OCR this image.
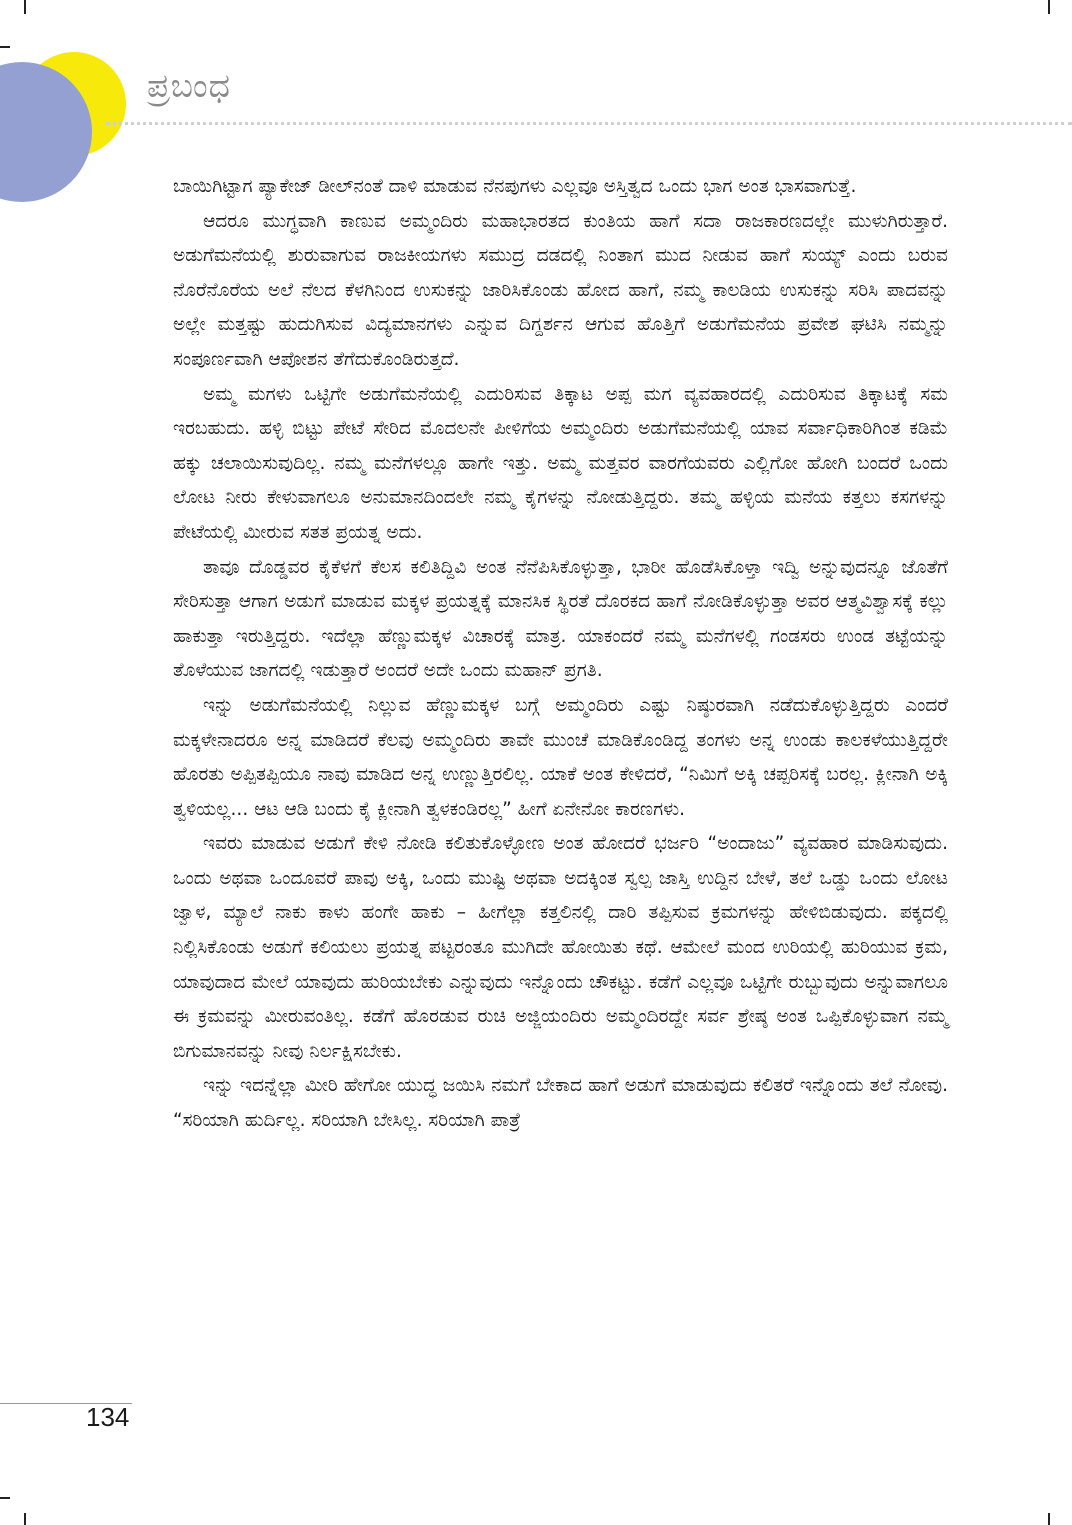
ಪ್ರಬಂಧ

ಬಾಯಿಗಿಟ್ಟಾಗ ಪ್ಯಾಕೇಜ್ ಡೀಲ್‌ನಂತೆ ದಾಳಿ ಮಾಡುವ ನೆನಪುಗಳು ಎಲ್ಲವೂ ಅಸ್ತಿತ್ವದ ಒಂದು ಭಾಗ ಅಂತ ಭಾಸವಾಗುತ್ತೆ.

ಆದರೂ ಮುಗ್ಧವಾಗಿ ಕಾಣುವ ಅಮ್ಮಂದಿರು ಮಹಾಭಾರತದ ಕುಂತಿಯ ಹಾಗೆ ಸದಾ ರಾಜಕಾರಣದಲ್ಲೇ ಮುಳುಗಿರುತ್ತಾರೆ. ಅಡುಗೆಮನೆಯಲ್ಲಿ ಶುರುವಾಗುವ ರಾಜಕೀಯಗಳು ಸಮುದ್ರ ದಡದಲ್ಲಿ ನಿಂತಾಗ ಮುದ ನೀಡುವ ಹಾಗೆ ಸುಯ್ಯ್ ಎಂದು ಬರುವ ನೊರೆನೊರೆಯ ಅಲೆ ನೆಲದ ಕೆಳಗಿನಿಂದ ಉಸುಕನ್ನು ಜಾರಿಸಿಕೊಂಡು ಹೋದ ಹಾಗೆ, ನಮ್ಮ ಕಾಲಡಿಯ ಉಸುಕನ್ನು ಸರಿಸಿ ಪಾದವನ್ನು ಅಲ್ಲೇ ಮತ್ತಷ್ಟು ಹುದುಗಿಸುವ ವಿದ್ಯಮಾನಗಳು ಎನ್ನುವ ದಿಗ್ದರ್ಶನ ಆಗುವ ಹೊತ್ತಿಗೆ ಅಡುಗೆಮನೆಯ ಪ್ರವೇಶ ಘಟಿಸಿ ನಮ್ಮನ್ನು ಸಂಪೂರ್ಣವಾಗಿ ಆಪೋಶನ ತೆಗೆದುಕೊಂಡಿರುತ್ತದೆ.

ಅಮ್ಮ ಮಗಳು ಒಟ್ಟಿಗೇ ಅಡುಗೆಮನೆಯಲ್ಲಿ ಎದುರಿಸುವ ತಿಕ್ಕಾಟ ಅಪ್ಪ ಮಗ ವ್ಯವಹಾರದಲ್ಲಿ ಎದುರಿಸುವ ತಿಕ್ಕಾಟಕ್ಕೆ ಸಮ ಇರಬಹುದು. ಹಳ್ಳಿ ಬಿಟ್ಟು ಪೇಟೆ ಸೇರಿದ ಮೊದಲನೇ ಪೀಳಿಗೆಯ ಅಮ್ಮಂದಿರು ಅಡುಗೆಮನೆಯಲ್ಲಿ ಯಾವ ಸರ್ವಾಧಿಕಾರಿಗಿಂತ ಕಡಿಮೆ ಹಕ್ಕು ಚಲಾಯಿಸುವುದಿಲ್ಲ. ನಮ್ಮ ಮನೆಗಳಲ್ಲೂ ಹಾಗೇ ಇತ್ತು. ಅಮ್ಮ ಮತ್ತವರ ವಾರಗೆಯವರು ಎಲ್ಲಿಗೋ ಹೋಗಿ ಬಂದರೆ ಒಂದು ಲೋಟ ನೀರು ಕೇಳುವಾಗಲೂ ಅನುಮಾನದಿಂದಲೇ ನಮ್ಮ ಕೈಗಳನ್ನು ನೋಡುತ್ತಿದ್ದರು. ತಮ್ಮ ಹಳ್ಳಿಯ ಮನೆಯ ಕತ್ತಲು ಕಸಗಳನ್ನು ಪೇಟೆಯಲ್ಲಿ ಮೀರುವ ಸತತ ಪ್ರಯತ್ನ ಅದು.

ತಾವೂ ದೊಡ್ಡವರ ಕೈಕೆಳಗೆ ಕೆಲಸ ಕಲಿತಿದ್ದಿವಿ ಅಂತ ನೆನೆಪಿಸಿಕೊಳ್ಳುತ್ತಾ, ಭಾರೀ ಹೊಡೆಸಿಕೊಳ್ತಾ ಇದ್ವಿ ಅನ್ನುವುದನ್ನೂ ಜೊತೆಗೆ ಸೇರಿಸುತ್ತಾ ಆಗಾಗ ಅಡುಗೆ ಮಾಡುವ ಮಕ್ಕಳ ಪ್ರಯತ್ನಕ್ಕೆ ಮಾನಸಿಕ ಸ್ಥಿರತೆ ದೊರಕದ ಹಾಗೆ ನೋಡಿಕೊಳ್ಳುತ್ತಾ ಅವರ ಆತ್ಮವಿಶ್ವಾಸಕ್ಕೆ ಕಲ್ಲು ಹಾಕುತ್ತಾ ಇರುತ್ತಿದ್ದರು. ಇದೆಲ್ಲಾ ಹೆಣ್ಣುಮಕ್ಕಳ ವಿಚಾರಕ್ಕೆ ಮಾತ್ರ. ಯಾಕಂದರೆ ನಮ್ಮ ಮನೆಗಳಲ್ಲಿ ಗಂಡಸರು ಉಂಡ ತಟ್ಟೆಯನ್ನು ತೊಳೆಯುವ ಜಾಗದಲ್ಲಿ ಇಡುತ್ತಾರೆ ಅಂದರೆ ಅದೇ ಒಂದು ಮಹಾನ್ ಪ್ರಗತಿ.

ಇನ್ನು ಅಡುಗೆಮನೆಯಲ್ಲಿ ನಿಲ್ಲುವ ಹೆಣ್ಣುಮಕ್ಕಳ ಬಗ್ಗೆ ಅಮ್ಮಂದಿರು ಎಷ್ಟು ನಿಷ್ಠುರವಾಗಿ ನಡೆದುಕೊಳ್ಳುತ್ತಿದ್ದರು ಎಂದರೆ ಮಕ್ಕಳೇನಾದರೂ ಅನ್ನ ಮಾಡಿದರೆ ಕೆಲವು ಅಮ್ಮಂದಿರು ತಾವೇ ಮುಂಚೆ ಮಾಡಿಕೊಂಡಿದ್ದ ತಂಗಳು ಅನ್ನ ಉಂಡು ಕಾಲಕಳೆಯುತ್ತಿದ್ದರೇ ಹೊರತು ಅಪ್ಪಿತಪ್ಪಿಯೂ ನಾವು ಮಾಡಿದ ಅನ್ನ ಉಣ್ಣುತ್ತಿರಲಿಲ್ಲ. ಯಾಕೆ ಅಂತ ಕೇಳಿದರೆ, “ನಿಮಿಗೆ ಅಕ್ಕಿ ಚಪ್ಪರಿಸಕ್ಕೆ ಬರಲ್ಲ. ಕ್ಲೀನಾಗಿ ಅಕ್ಕಿ ತ್ವಳಿಯಲ್ಲ... ಆಟ ಆಡಿ ಬಂದು ಕೈ ಕ್ಲೀನಾಗಿ ತ್ವಳಕಂಡಿರಲ್ಲ” ಹೀಗೆ ಏನೇನೋ ಕಾರಣಗಳು.

ಇವರು ಮಾಡುವ ಅಡುಗೆ ಕೇಳಿ ನೋಡಿ ಕಲಿತುಕೊಳ್ಳೋಣ ಅಂತ ಹೋದರೆ ಭರ್ಜರಿ “ಅಂದಾಜು” ವ್ಯವಹಾರ ಮಾಡಿಸುವುದು. ಒಂದು ಅಥವಾ ಒಂದೂವರೆ ಪಾವು ಅಕ್ಕಿ, ಒಂದು ಮುಷ್ಟಿ ಅಥವಾ ಅದಕ್ಕಿಂತ ಸ್ವಲ್ಪ ಜಾಸ್ತಿ ಉದ್ದಿನ ಬೇಳೆ, ತಲೆ ಒಡ್ಡು ಒಂದು ಲೋಟ ಜ್ವಾಳ, ಮ್ಯಾಲೆ ನಾಕು ಕಾಳು ಹಂಗೇ ಹಾಕು – ಹೀಗೆಲ್ಲಾ ಕತ್ತಲಿನಲ್ಲಿ ದಾರಿ ತಪ್ಪಿಸುವ ಕ್ರಮಗಳನ್ನು ಹೇಳಿಬಿಡುವುದು. ಪಕ್ಕದಲ್ಲಿ ನಿಲ್ಲಿಸಿಕೊಂಡು ಅಡುಗೆ ಕಲಿಯಲು ಪ್ರಯತ್ನ ಪಟ್ಟರಂತೂ ಮುಗಿದೇ ಹೋಯಿತು ಕಥೆ. ಆಮೇಲೆ ಮಂದ ಉರಿಯಲ್ಲಿ ಹುರಿಯುವ ಕ್ರಮ, ಯಾವುದಾದ ಮೇಲೆ ಯಾವುದು ಹುರಿಯಬೇಕು ಎನ್ನುವುದು ಇನ್ನೊಂದು ಚೌಕಟ್ಟು. ಕಡೆಗೆ ಎಲ್ಲವೂ ಒಟ್ಟಿಗೇ ರುಬ್ಬುವುದು ಅನ್ನುವಾಗಲೂ ಈ ಕ್ರಮವನ್ನು ಮೀರುವಂತಿಲ್ಲ. ಕಡೆಗೆ ಹೊರಡುವ ರುಚಿ ಅಜ್ಜಿಯಂದಿರು ಅಮ್ಮಂದಿರದ್ದೇ ಸರ್ವ ಶ್ರೇಷ್ಠ ಅಂತ ಒಪ್ಪಿಕೊಳ್ಳುವಾಗ ನಮ್ಮ ಬಿಗುಮಾನವನ್ನು ನೀವು ನಿರ್ಲಕ್ಷಿಸಬೇಕು.

ಇನ್ನು ಇದನ್ನೆಲ್ಲಾ ಮೀರಿ ಹೇಗೋ ಯುದ್ಧ ಜಯಿಸಿ ನಮಗೆ ಬೇಕಾದ ಹಾಗೆ ಅಡುಗೆ ಮಾಡುವುದು ಕಲಿತರೆ ಇನ್ನೊಂದು ತಲೆ ನೋವು. “ಸರಿಯಾಗಿ ಹುರ್ದಿಲ್ಲ. ಸರಿಯಾಗಿ ಬೇಸಿಲ್ಲ. ಸರಿಯಾಗಿ ಪಾತ್ರೆ

134
